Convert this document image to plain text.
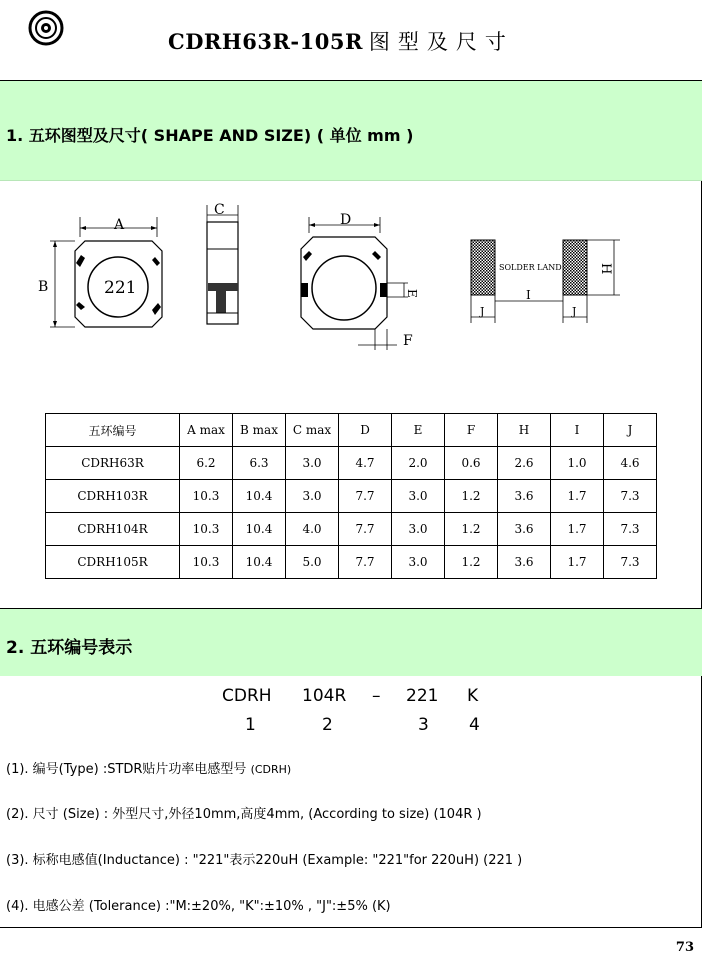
CDRH63R-105R 图型及尺寸
1. 五环图型及尺寸( SHAPE AND SIZE) ( 单位 mm )
A
B	221
C
D
E
F
SOLDER LAND	H
I
J	J
五环编号	A max	B max	C max	D	E	F	H	I	J
CDRH63R	6.2	6.3	3.0	4.7	2.0	0.6	2.6	1.0	4.6
CDRH103R	10.3	10.4	3.0	7.7	3.0	1.2	3.6	1.7	7.3
CDRH104R	10.3	10.4	4.0	7.7	3.0	1.2	3.6	1.7	7.3
CDRH105R	10.3	10.4	5.0	7.7	3.0	1.2	3.6	1.7	7.3
2. 五环编号表示
CDRH 104R – 221 K
1	2	3 4
(1). 编号(Type) :STDR贴片功率电感型号 (CDRH)
(2). 尺寸 (Size) : 外型尺寸,外径10mm,高度4mm, (According to size) (104R )
(3). 标称电感值(Inductance) : "221"表示220uH (Example: "221"for 220uH) (221 )
(4). 电感公差 (Tolerance) :"M:±20%, "K":±10% , "J":±5% (K)
73
